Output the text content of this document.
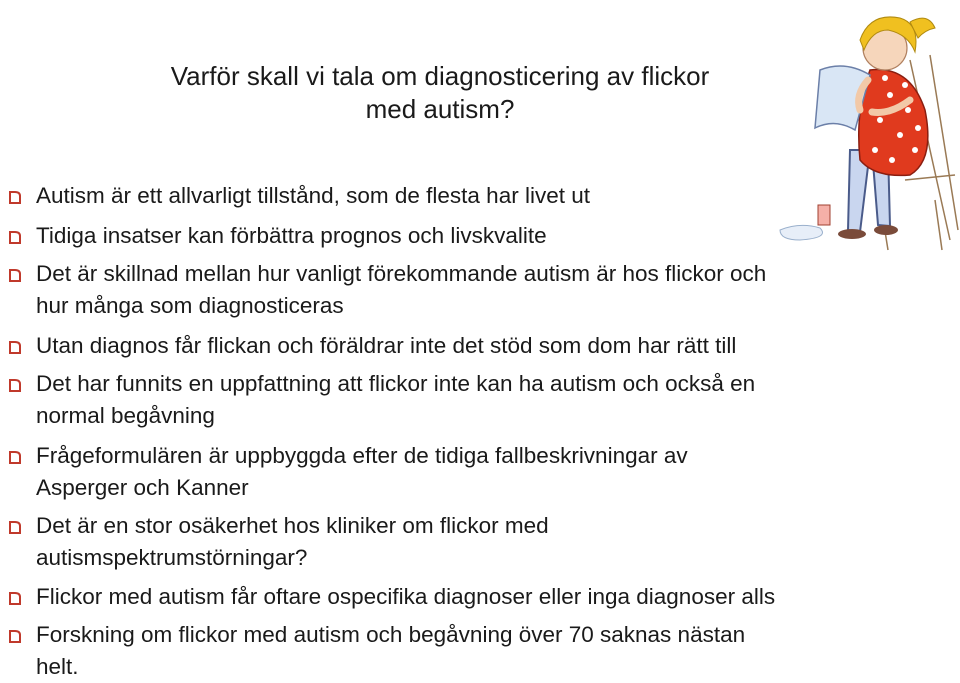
Varför skall vi tala om diagnosticering av flickor
med autism?
Autism är ett allvarligt tillstånd, som de flesta har livet ut
Tidiga insatser kan förbättra prognos och livskvalite
Det är skillnad mellan hur vanligt förekommande autism är hos flickor och
hur många som diagnosticeras
Utan diagnos får flickan och föräldrar inte det stöd som dom har rätt till
Det har funnits en uppfattning att flickor inte kan ha autism och också en
normal begåvning
Frågeformulären är uppbyggda efter de tidiga fallbeskrivningar av
Asperger och Kanner
Det är en stor osäkerhet hos kliniker om flickor med
autismspektrumstörningar?
Flickor med autism får oftare ospecifika diagnoser eller inga diagnoser alls
Forskning om flickor med autism och begåvning över 70 saknas nästan
helt.
